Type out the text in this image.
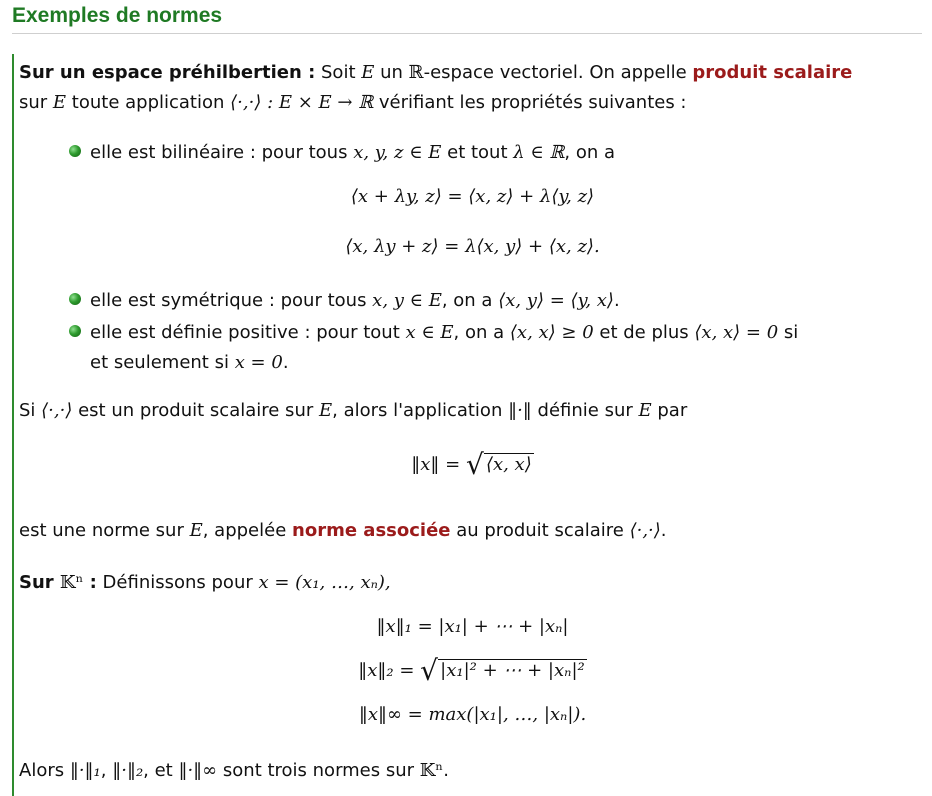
Exemples de normes
Sur un espace préhilbertien : Soit E un ℝ-espace vectoriel. On appelle produit scalaire
sur E toute application ⟨·,·⟩ : E × E → ℝ vérifiant les propriétés suivantes :
elle est bilinéaire : pour tous x, y, z ∈ E et tout λ ∈ ℝ, on a
⟨x + λy, z⟩ = ⟨x, z⟩ + λ⟨y, z⟩
⟨x, λy + z⟩ = λ⟨x, y⟩ + ⟨x, z⟩.
elle est symétrique : pour tous x, y ∈ E, on a ⟨x, y⟩ = ⟨y, x⟩.
elle est définie positive : pour tout x ∈ E, on a ⟨x, x⟩ ≥ 0 et de plus ⟨x, x⟩ = 0 si
et seulement si x = 0.
Si ⟨·,·⟩ est un produit scalaire sur E, alors l'application ‖·‖ définie sur E par
‖x‖ = √ ⟨x, x⟩
est une norme sur E, appelée norme associée au produit scalaire ⟨·,·⟩.
Sur 𝕂ⁿ : Définissons pour x = (x₁, …, xₙ),
‖x‖₁ = |x₁| + ⋯ + |xₙ|
‖x‖₂ = √ |x₁|² + ⋯ + |xₙ|²
‖x‖∞ = max(|x₁|, …, |xₙ|).
Alors ‖·‖₁, ‖·‖₂, et ‖·‖∞ sont trois normes sur 𝕂ⁿ.
